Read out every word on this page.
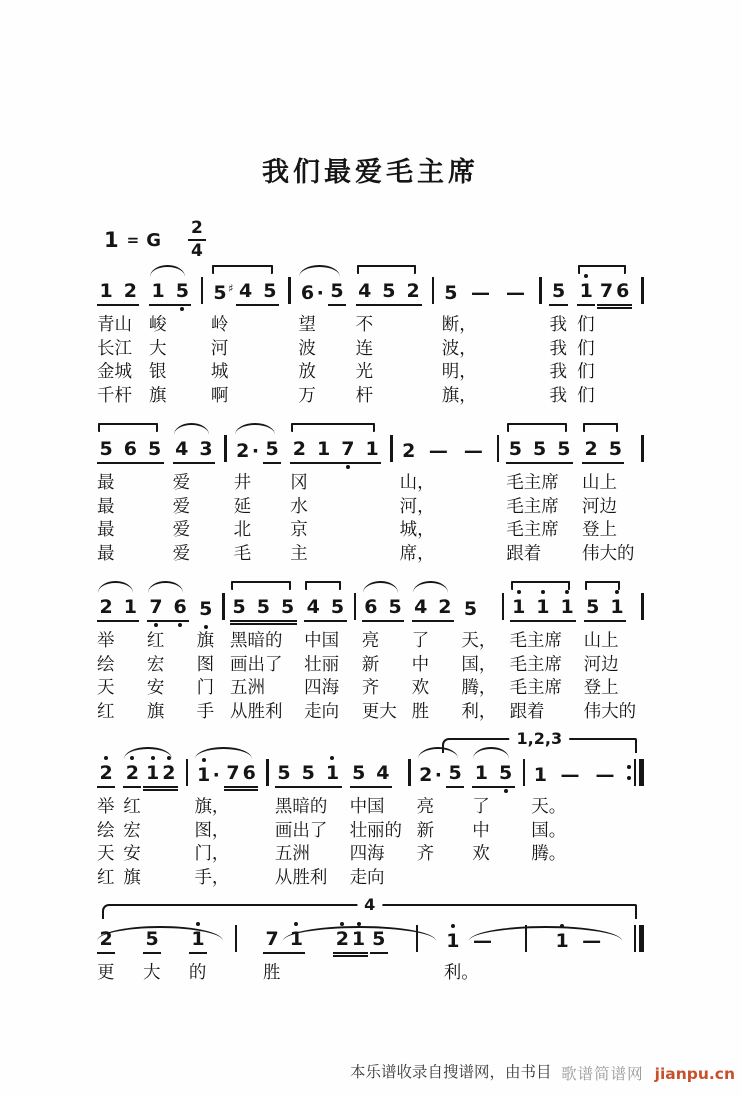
我们最爱毛主席
1 = G $\frac{2}{4}$
1 2
青山
长江
金城
千杆
1 5
峻
大
银
旗
5 ♯ 4 5
岭
河
城
啊
6 · 5
望
波
放
万
4 5 2
不
连
光
杆
5 — —
断，
波，
明，
旗，
5
我
我
我
我
1 7 6
们
们
们
们
5 6 5
最
最
最
最
4 3
爱
爱
爱
爱
2 · 5
井
延
北
毛
2 1 7 1
冈
水
京
主
2 — —
山，
河，
城，
席，
5 5 5
毛主席
毛主席
毛主席
跟着
2 5
山上
河边
登上
伟大的
2 1
举
绘
天
红
7 6
红
宏
安
旗
5
旗
图
门
手
5 5 5
黑暗的
画出了
五洲
从胜利
4 5
中国
壮丽
四海
走向
6 5
亮
新
齐
更大
4 2
了
中
欢
胜
5
天，
国，
腾，
利，
1 1 1
毛主席
毛主席
毛主席
跟着
5 1
山上
河边
登上
伟大的
1,2,3
2
举
绘
天
红
2 1 2
红
宏
安
旗
1 · 7 6
旗，
图，
门，
手，
5 5 1
黑暗的
画出了
五洲
从胜利
5 4
中国
壮丽的
四海
走向
2 · 5
亮
新
齐
1 5
了
中
欢
1 — —
天。
国。
腾。
4
2
更
5
大
1
的
7 1
胜
2 1 5	1 —
利。
1 —
本乐谱收录自搜谱网，由书目 歌谱简谱网 jianpu.cn
